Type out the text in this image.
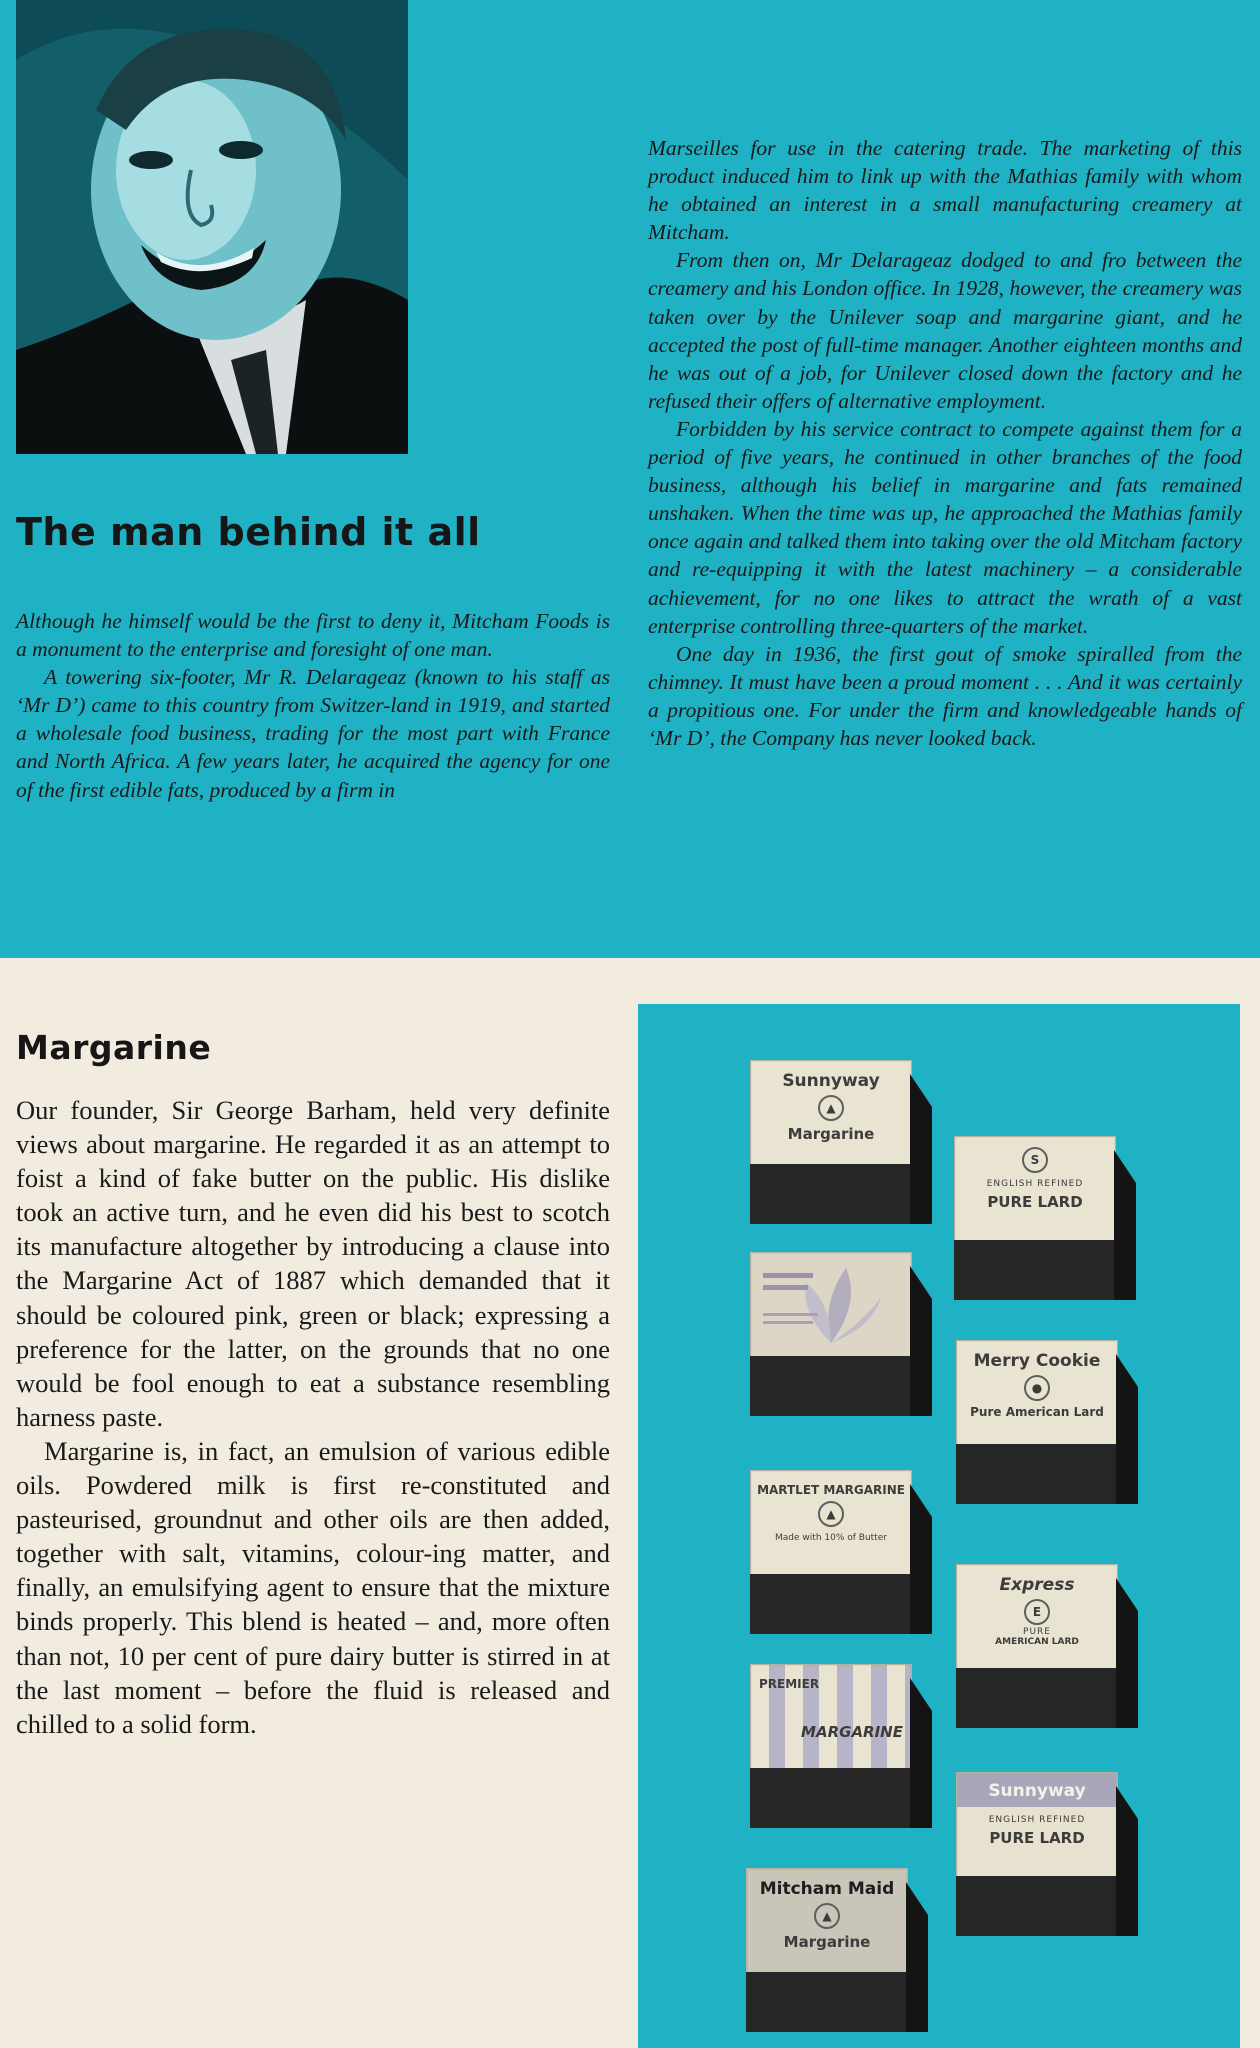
The man behind it all

Although he himself would be the first to deny it, Mitcham Foods is a monument to the enterprise and foresight of one man.

A towering six-footer, Mr R. Delarageaz (known to his staff as ‘Mr D’) came to this country from Switzer-land in 1919, and started a wholesale food business, trading for the most part with France and North Africa. A few years later, he acquired the agency for one of the first edible fats, produced by a firm in

Marseilles for use in the catering trade. The marketing of this product induced him to link up with the Mathias family with whom he obtained an interest in a small manufacturing creamery at Mitcham.

From then on, Mr Delarageaz dodged to and fro between the creamery and his London office. In 1928, however, the creamery was taken over by the Unilever soap and margarine giant, and he accepted the post of full-time manager. Another eighteen months and he was out of a job, for Unilever closed down the factory and he refused their offers of alternative employment.

Forbidden by his service contract to compete against them for a period of five years, he continued in other branches of the food business, although his belief in margarine and fats remained unshaken. When the time was up, he approached the Mathias family once again and talked them into taking over the old Mitcham factory and re-equipping it with the latest machinery – a considerable achievement, for no one likes to attract the wrath of a vast enterprise controlling three-quarters of the market.

One day in 1936, the first gout of smoke spiralled from the chimney. It must have been a proud moment . . . And it was certainly a propitious one. For under the firm and knowledgeable hands of ‘Mr D’, the Company has never looked back.

Margarine

Our founder, Sir George Barham, held very definite views about margarine. He regarded it as an attempt to foist a kind of fake butter on the public. His dislike took an active turn, and he even did his best to scotch its manufacture altogether by introducing a clause into the Margarine Act of 1887 which demanded that it should be coloured pink, green or black; expressing a preference for the latter, on the grounds that no one would be fool enough to eat a substance resembling harness paste.

Margarine is, in fact, an emulsion of various edible oils. Powdered milk is first re-constituted and pasteurised, groundnut and other oils are then added, together with salt, vitamins, colour-ing matter, and finally, an emulsifying agent to ensure that the mixture binds properly. This blend is heated – and, more often than not, 10 per cent of pure dairy butter is stirred in at the last moment – before the fluid is released and chilled to a solid form.

Sunnyway
▲
Margarine
S
ENGLISH REFINED
PURE LARD
Merry Cookie
●
Pure American Lard
MARTLET MARGARINE
▲
Made with 10% of Butter
Express
E
PURE
AMERICAN LARD
PREMIER
MARGARINE
Sunnyway
ENGLISH REFINED
PURE LARD
Mitcham Maid
▲
Margarine
